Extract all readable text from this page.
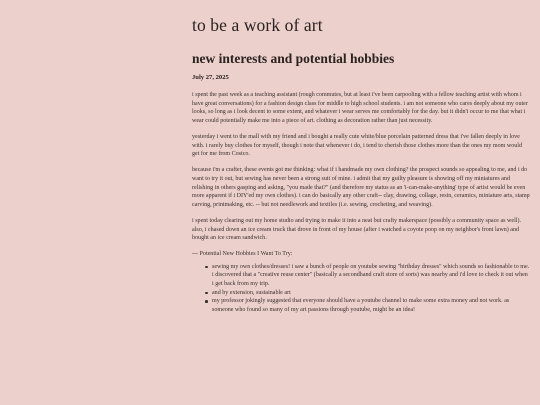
to be a work of art
new interests and potential hobbies
July 27, 2025

i spent the past week as a teaching assistant (rough commutes, but at least i've been carpooling with a fellow teaching artist with whom i have great conversations) for a fashion design class for middle to high school students. i am not someone who cares deeply about my outer looks, so long as i look decent to some extent, and whatever i wear serves me comfortably for the day. but it didn't occur to me that what i wear could potentially make me into a piece of art. clothing as decoration rather than just necessity.

yesterday i went to the mall with my friend and i bought a really cute white/blue porcelain patterned dress that i've fallen deeply in love with. i rarely buy clothes for myself, though i note that whenever i do, i tend to cherish those clothes more than the ones my mom would get for me from Costco.

because i'm a crafter, these events got me thinking: what if i handmade my own clothing? the prospect sounds so appealing to me, and i do want to try it out, but sewing has never been a strong suit of mine. i admit that my guilty pleasure is showing off my miniatures and relishing in others gasping and asking, "you made that?" (and therefore my status as an 'i-can-make-anything' type of artist would be even more apparent if i DIY'ed my own clothes). i can do basically any other craft-- clay, drawing, collage, resin, ceramics, miniature arts, stamp carving, printmaking, etc. -- but not needlework and textiles (i.e. sewing, crocheting, and weaving).

i spent today clearing out my home studio and trying to make it into a neat but crafty makerspace (possibly a community space as well). also, i chased down an ice cream truck that drove in front of my house (after i watched a coyote poop on my neighbor's front lawn) and bought an ice cream sandwich.

--- Potential New Hobbies I Want To Try:

sewing my own clothes/dresses! i saw a bunch of people on youtube sewing "birthday dresses" which sounds so fashionable to me. i discovered that a "creative reuse center" (basically a secondhand craft store of sorts) was nearby and i'd love to check it out when i get back from my trip.
and by extension, sustainable art
my professor jokingly suggested that everyone should have a youtube channel to make some extra money and not work. as someone who found so many of my art passions through youtube, might be an idea!
